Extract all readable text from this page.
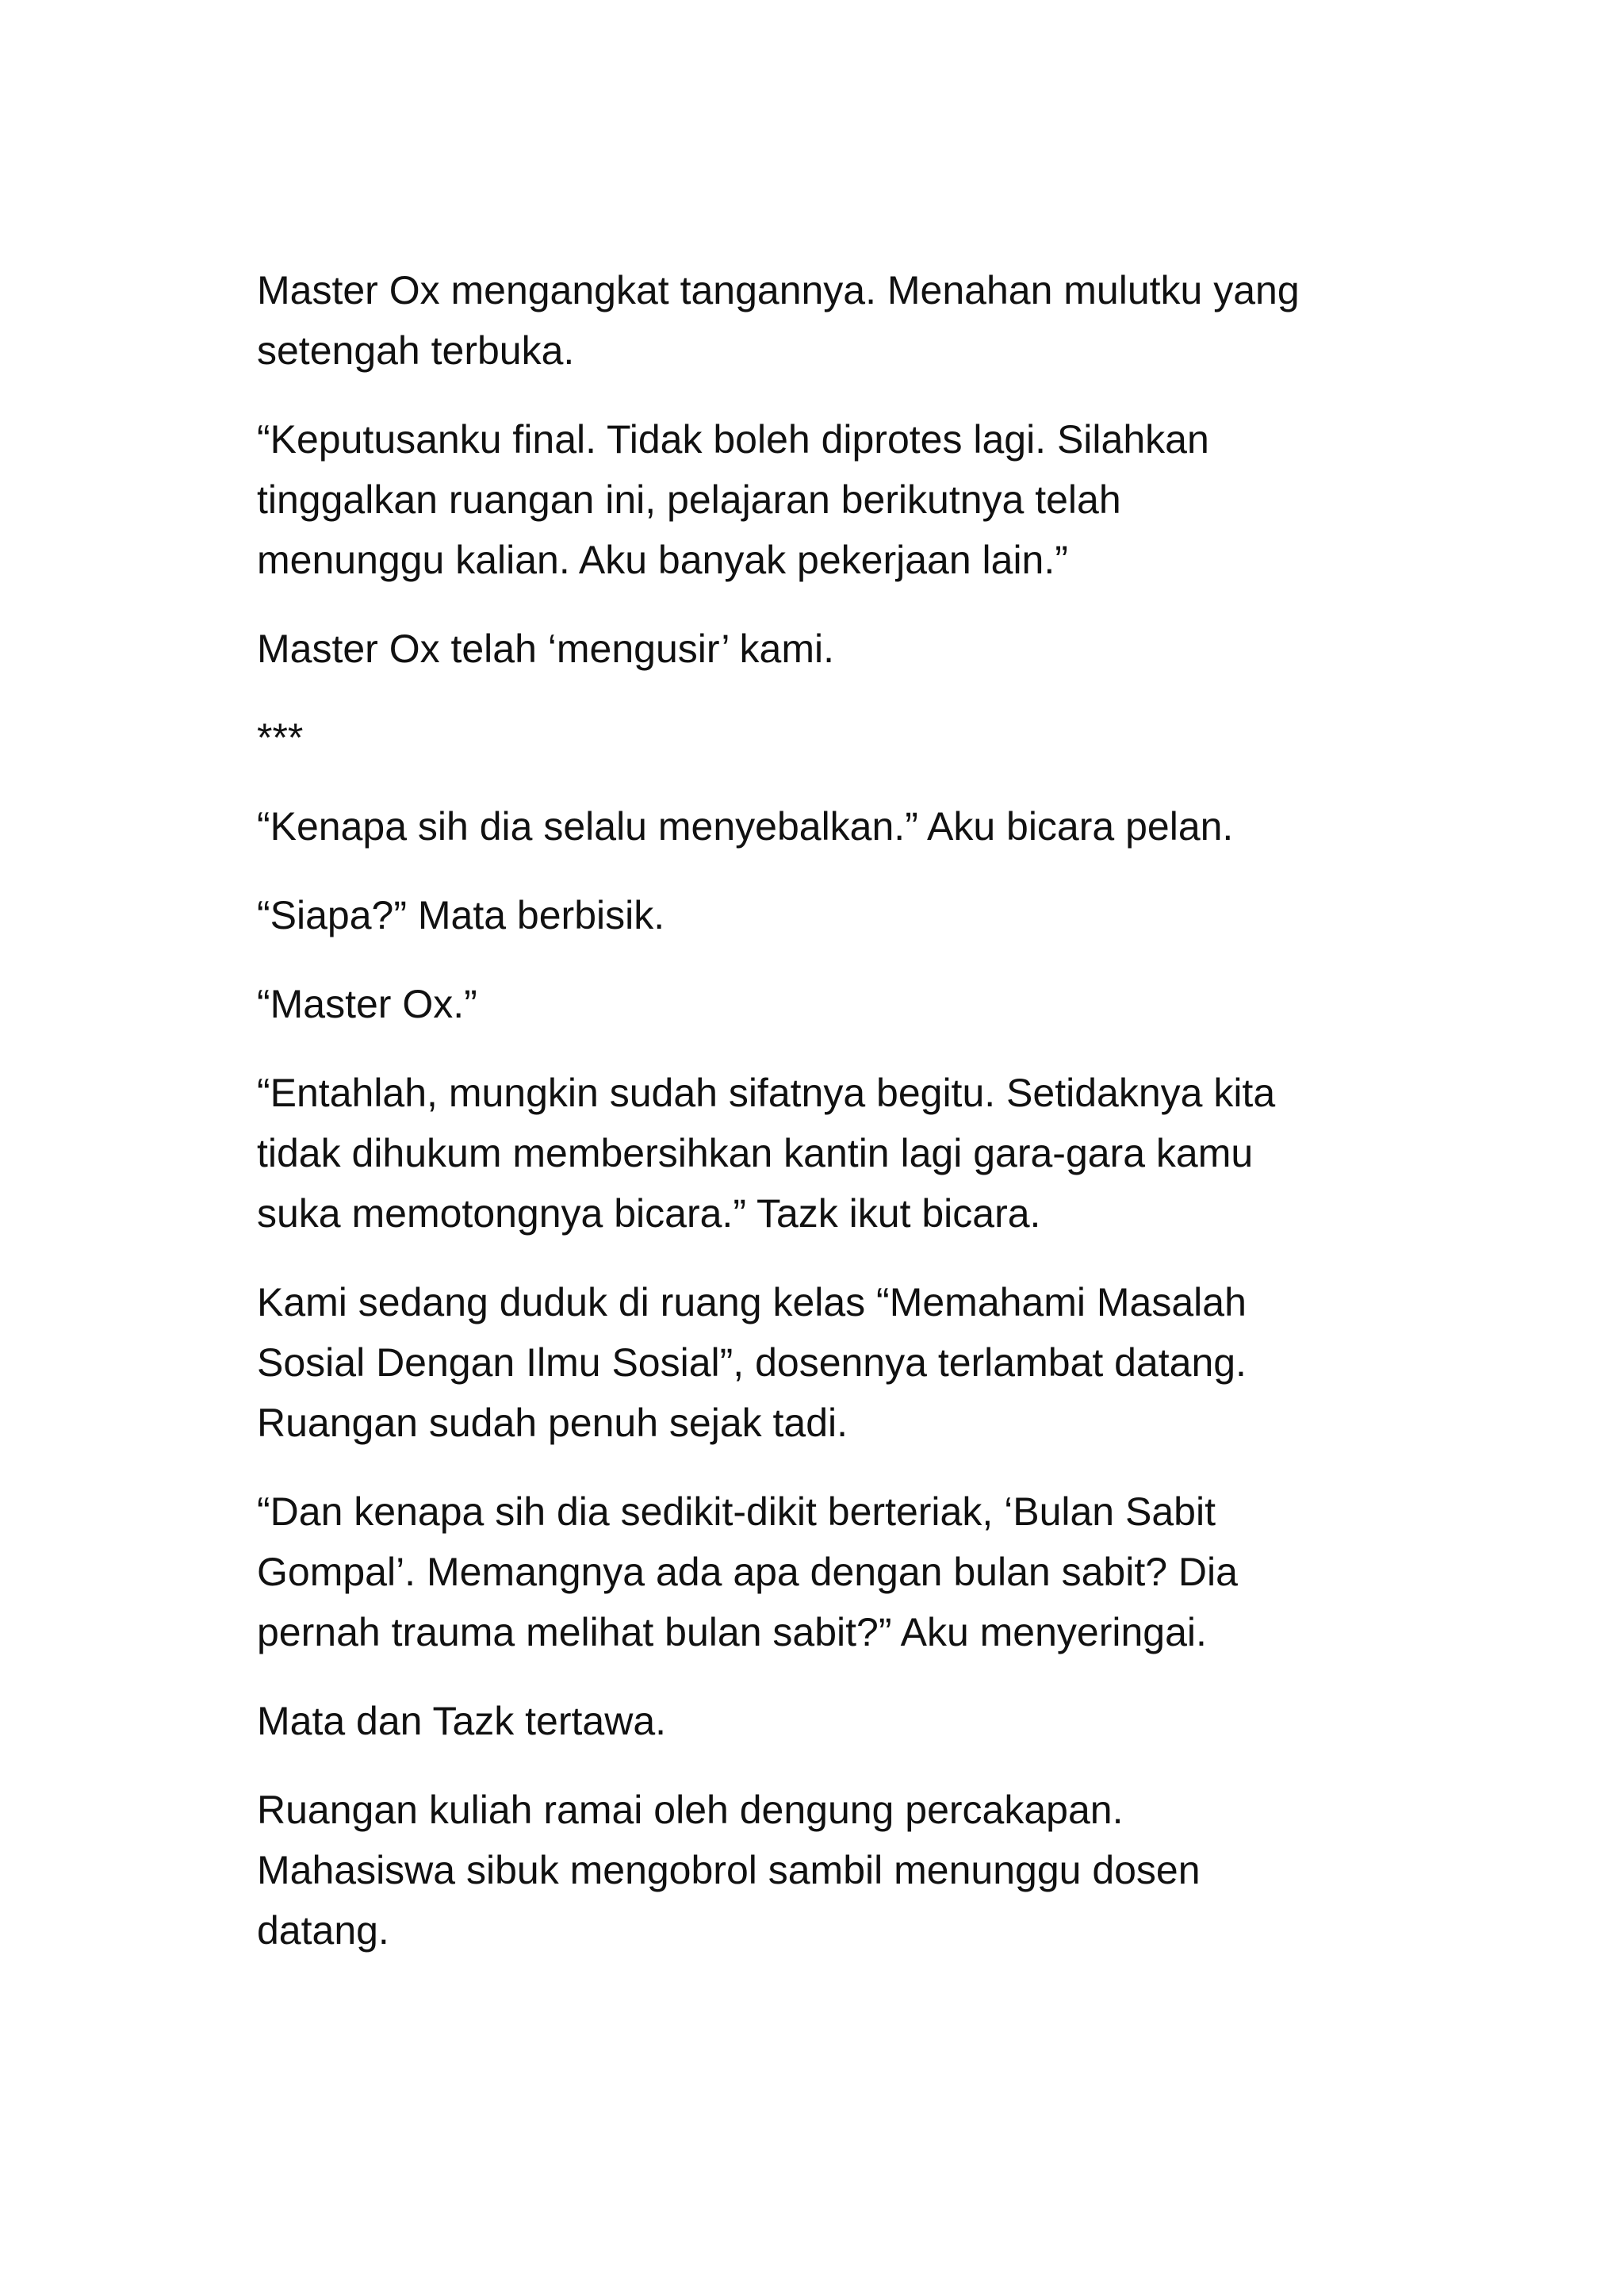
Master Ox mengangkat tangannya. Menahan mulutku yang
setengah terbuka.

“Keputusanku final. Tidak boleh diprotes lagi. Silahkan
tinggalkan ruangan ini, pelajaran berikutnya telah
menunggu kalian. Aku banyak pekerjaan lain.”

Master Ox telah ‘mengusir’ kami.

***

“Kenapa sih dia selalu menyebalkan.” Aku bicara pelan.

“Siapa?” Mata berbisik.

“Master Ox.”

“Entahlah, mungkin sudah sifatnya begitu. Setidaknya kita
tidak dihukum membersihkan kantin lagi gara-gara kamu
suka memotongnya bicara.” Tazk ikut bicara.

Kami sedang duduk di ruang kelas “Memahami Masalah
Sosial Dengan Ilmu Sosial”, dosennya terlambat datang.
Ruangan sudah penuh sejak tadi.

“Dan kenapa sih dia sedikit-dikit berteriak, ‘Bulan Sabit
Gompal’. Memangnya ada apa dengan bulan sabit? Dia
pernah trauma melihat bulan sabit?” Aku menyeringai.

Mata dan Tazk tertawa.

Ruangan kuliah ramai oleh dengung percakapan.
Mahasiswa sibuk mengobrol sambil menunggu dosen
datang.
